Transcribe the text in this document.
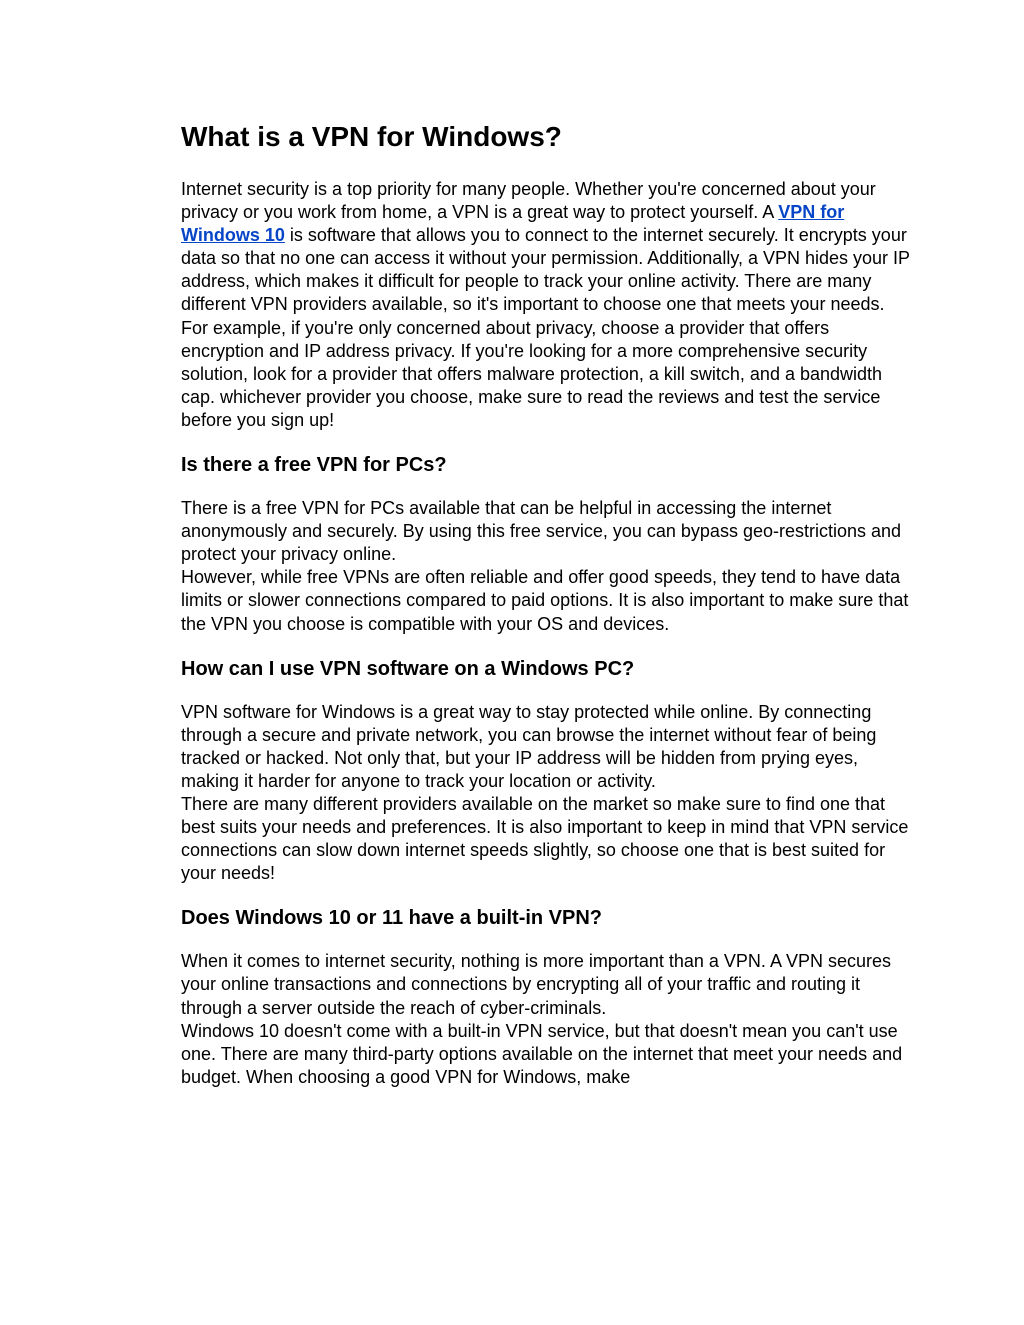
What is a VPN for Windows?

Internet security is a top priority for many people. Whether you're concerned about your privacy or you work from home, a VPN is a great way to protect yourself. A VPN for Windows 10 is software that allows you to connect to the internet securely. It encrypts your data so that no one can access it without your permission. Additionally, a VPN hides your IP address, which makes it difficult for people to track your online activity. There are many different VPN providers available, so it's important to choose one that meets your needs. For example, if you're only concerned about privacy, choose a provider that offers encryption and IP address privacy. If you're looking for a more comprehensive security solution, look for a provider that offers malware protection, a kill switch, and a bandwidth cap. whichever provider you choose, make sure to read the reviews and test the service before you sign up!

Is there a free VPN for PCs?

There is a free VPN for PCs available that can be helpful in accessing the internet anonymously and securely. By using this free service, you can bypass geo-restrictions and protect your privacy online.

However, while free VPNs are often reliable and offer good speeds, they tend to have data limits or slower connections compared to paid options. It is also important to make sure that the VPN you choose is compatible with your OS and devices.

How can I use VPN software on a Windows PC?

VPN software for Windows is a great way to stay protected while online. By connecting through a secure and private network, you can browse the internet without fear of being tracked or hacked. Not only that, but your IP address will be hidden from prying eyes, making it harder for anyone to track your location or activity.

There are many different providers available on the market so make sure to find one that best suits your needs and preferences. It is also important to keep in mind that VPN service connections can slow down internet speeds slightly, so choose one that is best suited for your needs!

Does Windows 10 or 11 have a built-in VPN?

When it comes to internet security, nothing is more important than a VPN. A VPN secures your online transactions and connections by encrypting all of your traffic and routing it through a server outside the reach of cyber-criminals.

Windows 10 doesn't come with a built-in VPN service, but that doesn't mean you can't use one. There are many third-party options available on the internet that meet your needs and budget. When choosing a good VPN for Windows, make
